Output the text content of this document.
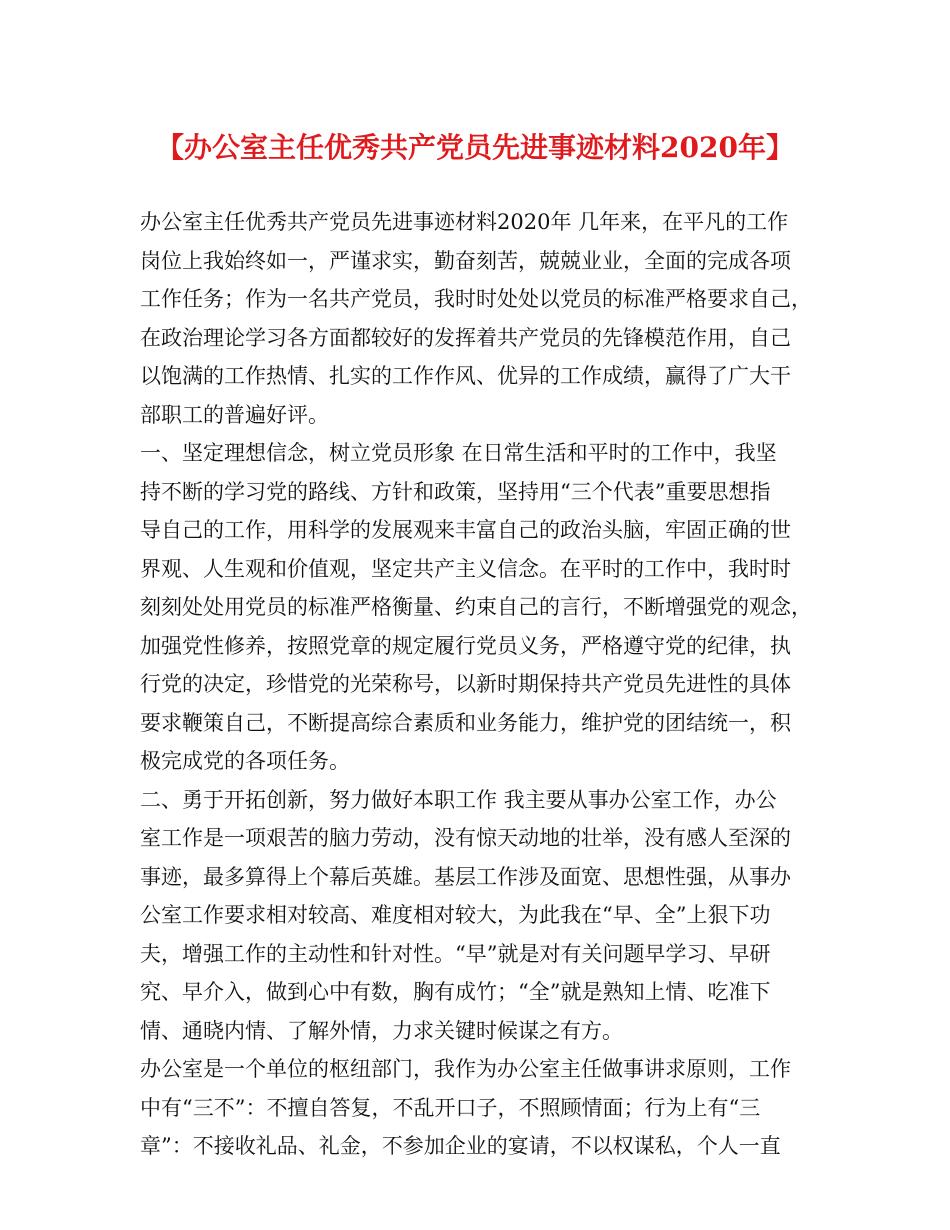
【办公室主任优秀共产党员先进事迹材料2020年】
办公室主任优秀共产党员先进事迹材料2020年 几年来，在平凡的工作
岗位上我始终如一，严谨求实，勤奋刻苦，兢兢业业，全面的完成各项
工作任务；作为一名共产党员，我时时处处以党员的标准严格要求自己，
在政治理论学习各方面都较好的发挥着共产党员的先锋模范作用，自己
以饱满的工作热情、扎实的工作作风、优异的工作成绩，赢得了广大干
部职工的普遍好评。
一、坚定理想信念，树立党员形象 在日常生活和平时的工作中，我坚
持不断的学习党的路线、方针和政策，坚持用“三个代表”重要思想指
导自己的工作，用科学的发展观来丰富自己的政治头脑，牢固正确的世
界观、人生观和价值观，坚定共产主义信念。在平时的工作中，我时时
刻刻处处用党员的标准严格衡量、约束自己的言行，不断增强党的观念，
加强党性修养，按照党章的规定履行党员义务，严格遵守党的纪律，执
行党的决定，珍惜党的光荣称号，以新时期保持共产党员先进性的具体
要求鞭策自己，不断提高综合素质和业务能力，维护党的团结统一，积
极完成党的各项任务。
二、勇于开拓创新，努力做好本职工作 我主要从事办公室工作，办公
室工作是一项艰苦的脑力劳动，没有惊天动地的壮举，没有感人至深的
事迹，最多算得上个幕后英雄。基层工作涉及面宽、思想性强，从事办
公室工作要求相对较高、难度相对较大，为此我在“早、全”上狠下功
夫，增强工作的主动性和针对性。“早”就是对有关问题早学习、早研
究、早介入，做到心中有数，胸有成竹；“全”就是熟知上情、吃准下
情、通晓内情、了解外情，力求关键时候谋之有方。
办公室是一个单位的枢纽部门，我作为办公室主任做事讲求原则，工作
中有“三不”：不擅自答复，不乱开口子，不照顾情面；行为上有“三
章”：不接收礼品、礼金，不参加企业的宴请，不以权谋私，个人一直
